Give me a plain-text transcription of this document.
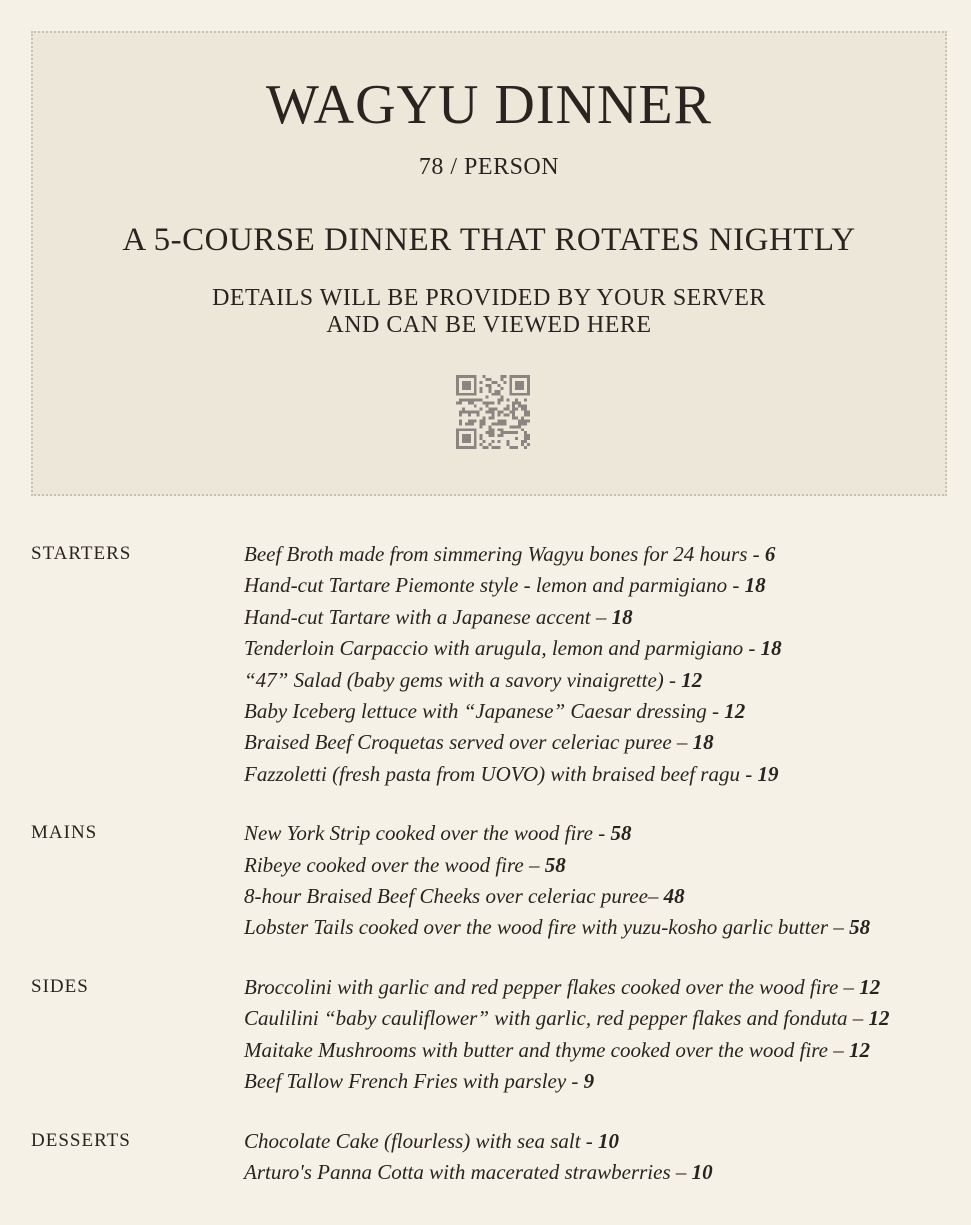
WAGYU DINNER
78 / PERSON
A 5-COURSE DINNER THAT ROTATES NIGHTLY
DETAILS WILL BE PROVIDED BY YOUR SERVER
AND CAN BE VIEWED HERE
STARTERS	Beef Broth made from simmering Wagyu bones for 24 hours - 6
Hand-cut Tartare Piemonte style - lemon and parmigiano - 18
Hand-cut Tartare with a Japanese accent – 18
Tenderloin Carpaccio with arugula, lemon and parmigiano - 18
“47” Salad (baby gems with a savory vinaigrette) - 12
Baby Iceberg lettuce with “Japanese” Caesar dressing - 12
Braised Beef Croquetas served over celeriac puree – 18
Fazzoletti (fresh pasta from UOVO) with braised beef ragu - 19
MAINS	New York Strip cooked over the wood fire - 58
Ribeye cooked over the wood fire – 58
8-hour Braised Beef Cheeks over celeriac puree– 48
Lobster Tails cooked over the wood fire with yuzu-kosho garlic butter – 58
SIDES	Broccolini with garlic and red pepper flakes cooked over the wood fire – 12
Caulilini “baby cauliflower” with garlic, red pepper flakes and fonduta – 12
Maitake Mushrooms with butter and thyme cooked over the wood fire – 12
Beef Tallow French Fries with parsley - 9
DESSERTS	Chocolate Cake (flourless) with sea salt - 10
Arturo's Panna Cotta with macerated strawberries – 10
